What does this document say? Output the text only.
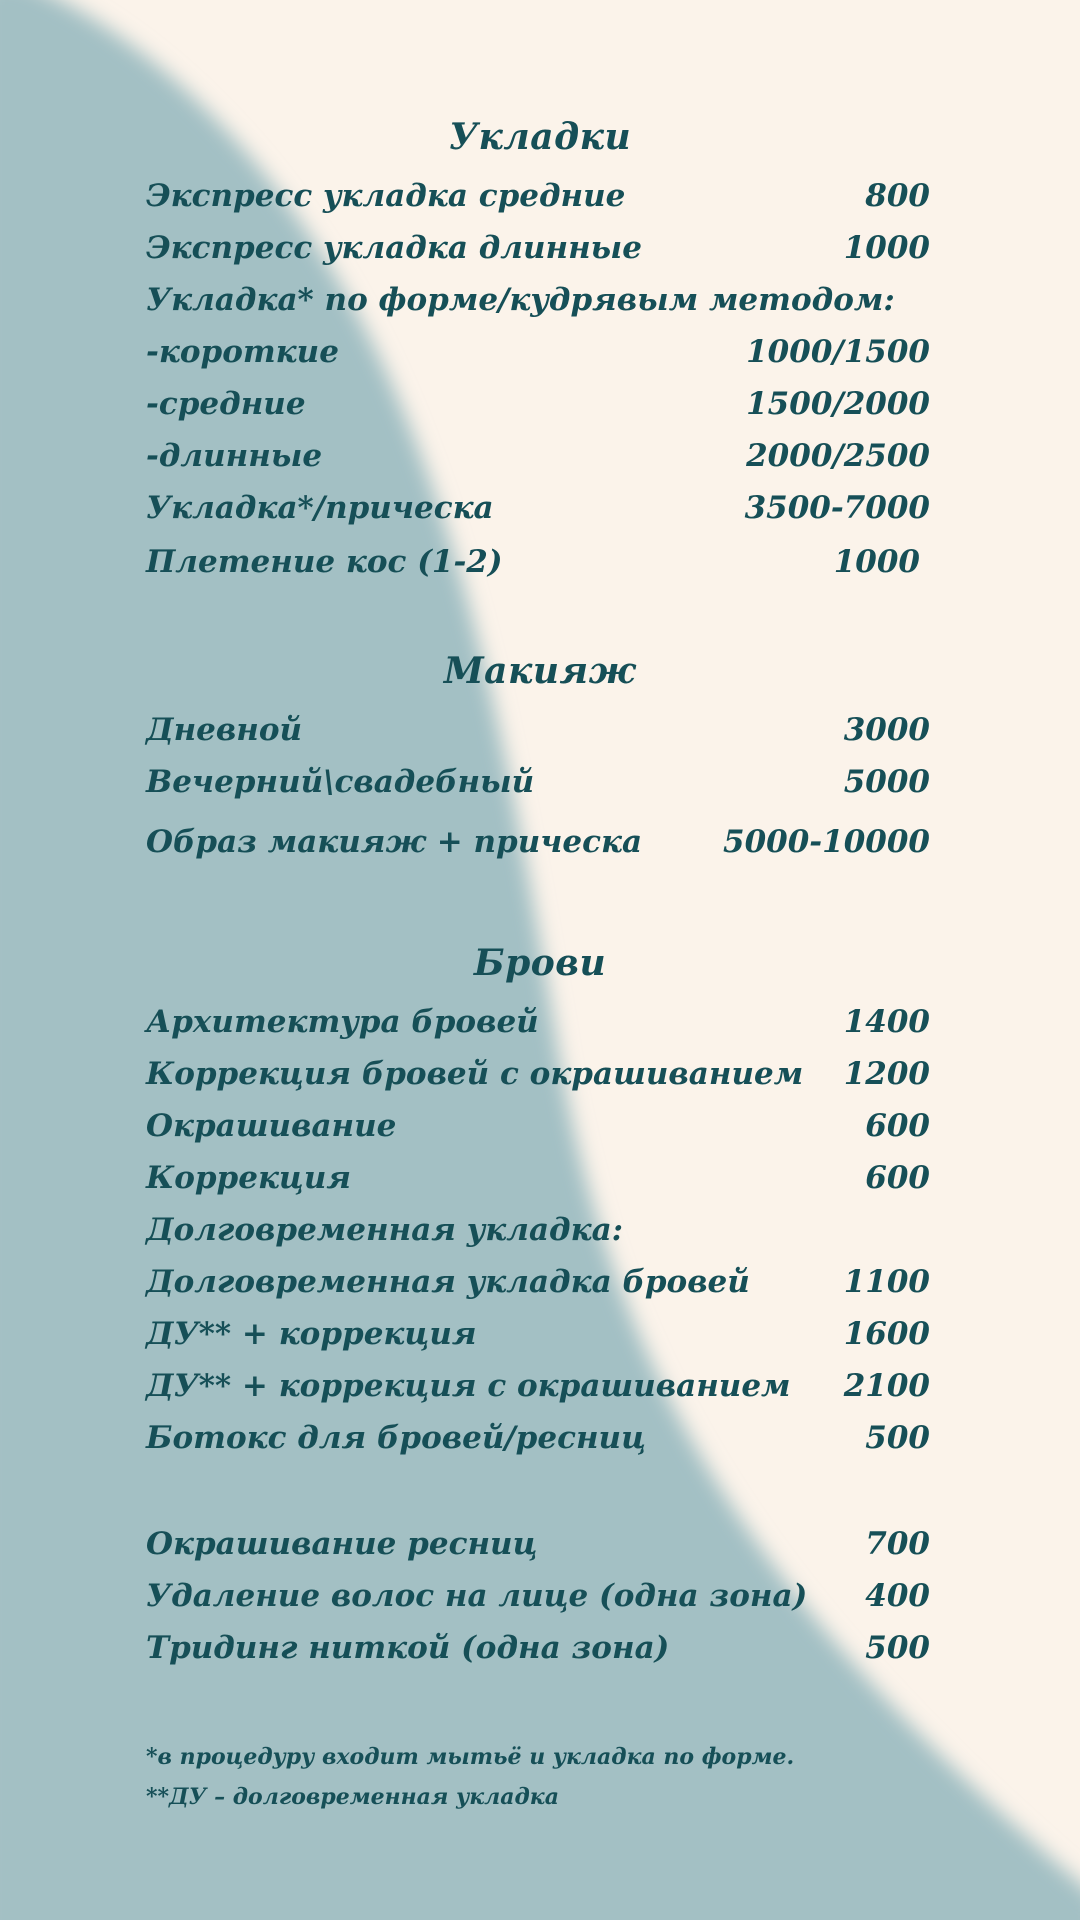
Укладки
Экспресс укладка средние	800
Экспресс укладка длинные	1000
Укладка* по форме/кудрявым методом:
-короткие	1000/1500
-средние	1500/2000
-длинные	2000/2500
Укладка*/прическа	3500-7000
Плетение кос (1-2)	1000
Макияж
Дневной	3000
Вечерний\свадебный	5000
Образ макияж + прическа	5000-10000
Брови
Архитектура бровей	1400
Коррекция бровей с окрашиванием 1200
Окрашивание	600
Коррекция	600
Долговременная укладка:
Долговременная укладка бровей	1100
ДУ** + коррекция	1600
ДУ** + коррекция с окрашиванием 2100
Ботокс для бровей/ресниц	500
Окрашивание ресниц	700
Удаление волос на лице (одна зона) 400
Тридинг ниткой (одна зона)	500
*в процедуру входит мытьё и укладка по форме.
**ДУ – долговременная укладка
